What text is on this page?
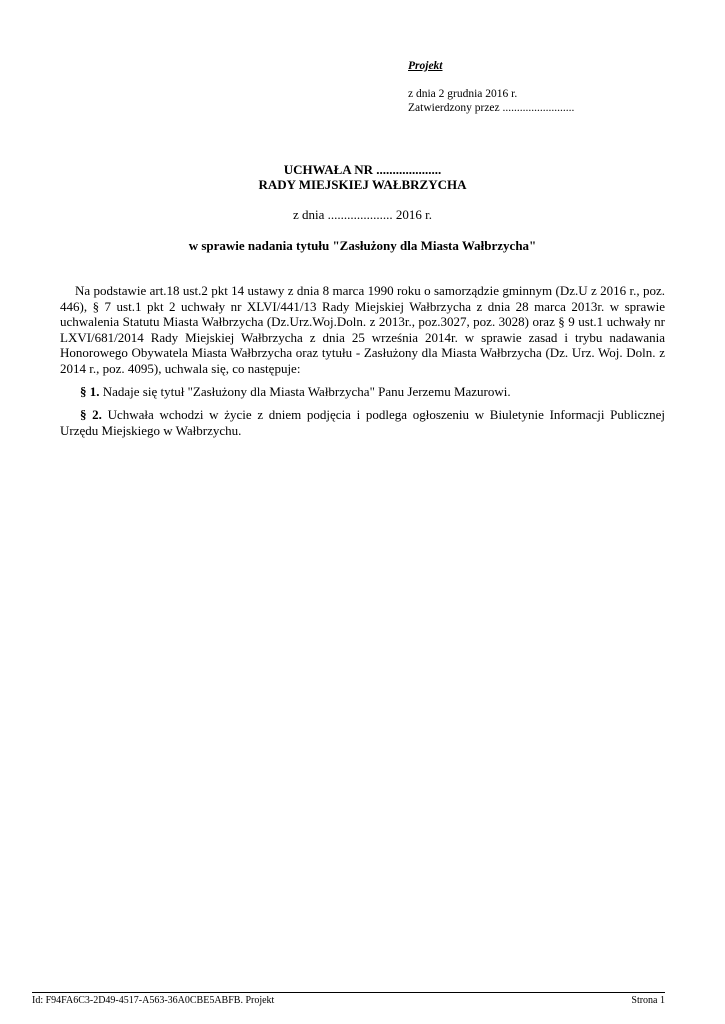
Projekt
z dnia 2 grudnia 2016 r.
Zatwierdzony przez .........................
UCHWAŁA NR ....................
RADY MIEJSKIEJ WAŁBRZYCHA
z dnia .................... 2016 r.
w sprawie nadania tytułu "Zasłużony dla Miasta Wałbrzycha"
Na podstawie art.18 ust.2 pkt 14 ustawy z dnia 8 marca 1990 roku o samorządzie gminnym (Dz.U z 2016 r., poz. 446), § 7 ust.1 pkt 2 uchwały nr XLVI/441/13 Rady Miejskiej Wałbrzycha z dnia 28 marca 2013r. w sprawie uchwalenia Statutu Miasta Wałbrzycha (Dz.Urz.Woj.Doln. z 2013r., poz.3027, poz. 3028) oraz § 9 ust.1 uchwały nr LXVI/681/2014 Rady Miejskiej Wałbrzycha z dnia 25 września 2014r. w sprawie zasad i trybu nadawania Honorowego Obywatela Miasta Wałbrzycha oraz tytułu - Zasłużony dla Miasta Wałbrzycha (Dz. Urz. Woj. Doln. z 2014 r., poz. 4095), uchwala się, co następuje:
§ 1. Nadaje się tytuł "Zasłużony dla Miasta Wałbrzycha" Panu Jerzemu Mazurowi.
§ 2. Uchwała wchodzi w życie z dniem podjęcia i podlega ogłoszeniu w Biuletynie Informacji Publicznej Urzędu Miejskiego w Wałbrzychu.
Id: F94FA6C3-2D49-4517-A563-36A0CBE5ABFB. Projekt	Strona 1
